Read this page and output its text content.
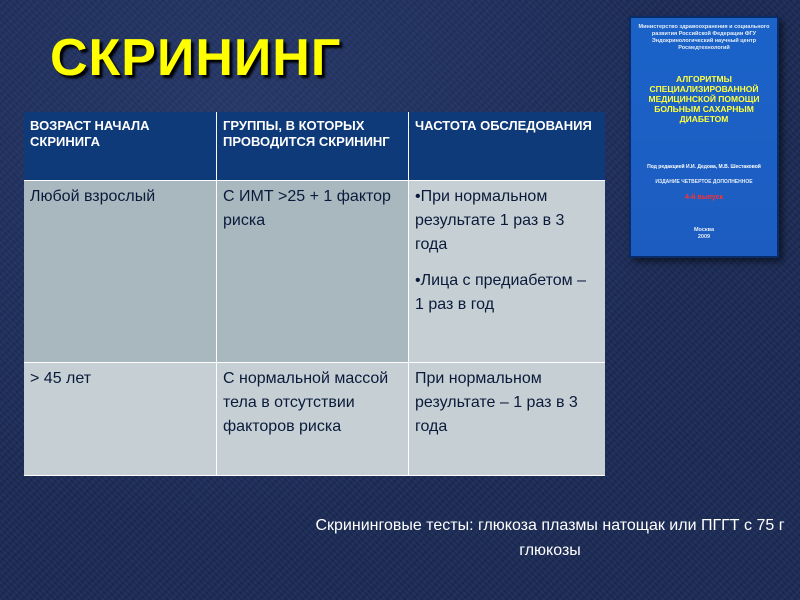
СКРИНИНГ
ВОЗРАСТ НАЧАЛА СКРИНИГА
ГРУППЫ, В КОТОРЫХ ПРОВОДИТСЯ СКРИНИНГ
ЧАСТОТА ОБСЛЕДОВАНИЯ
Любой взрослый	С ИМТ >25 + 1 фактор риска
•При нормальном результате 1 раз в 3 года
•Лица с предиабетом – 1 раз в год
> 45 лет	С нормальной массой тела в отсутствии факторов риска
При нормальном результате – 1 раз в 3 года
Министерство здравоохранения и социального развития Российской Федерации ФГУ Эндокринологический научный центр Росмедтехнологий
АЛГОРИТМЫ СПЕЦИАЛИЗИРОВАННОЙ МЕДИЦИНСКОЙ ПОМОЩИ БОЛЬНЫМ САХАРНЫМ ДИАБЕТОМ
Под редакцией И.И. Дедова, М.В. Шестаковой
ИЗДАНИЕ ЧЕТВЕРТОЕ ДОПОЛНЕННОЕ
4-й выпуск
Москва
2009
Скрининговые тесты: глюкоза плазмы натощак или ПГГТ с 75 г глюкозы
